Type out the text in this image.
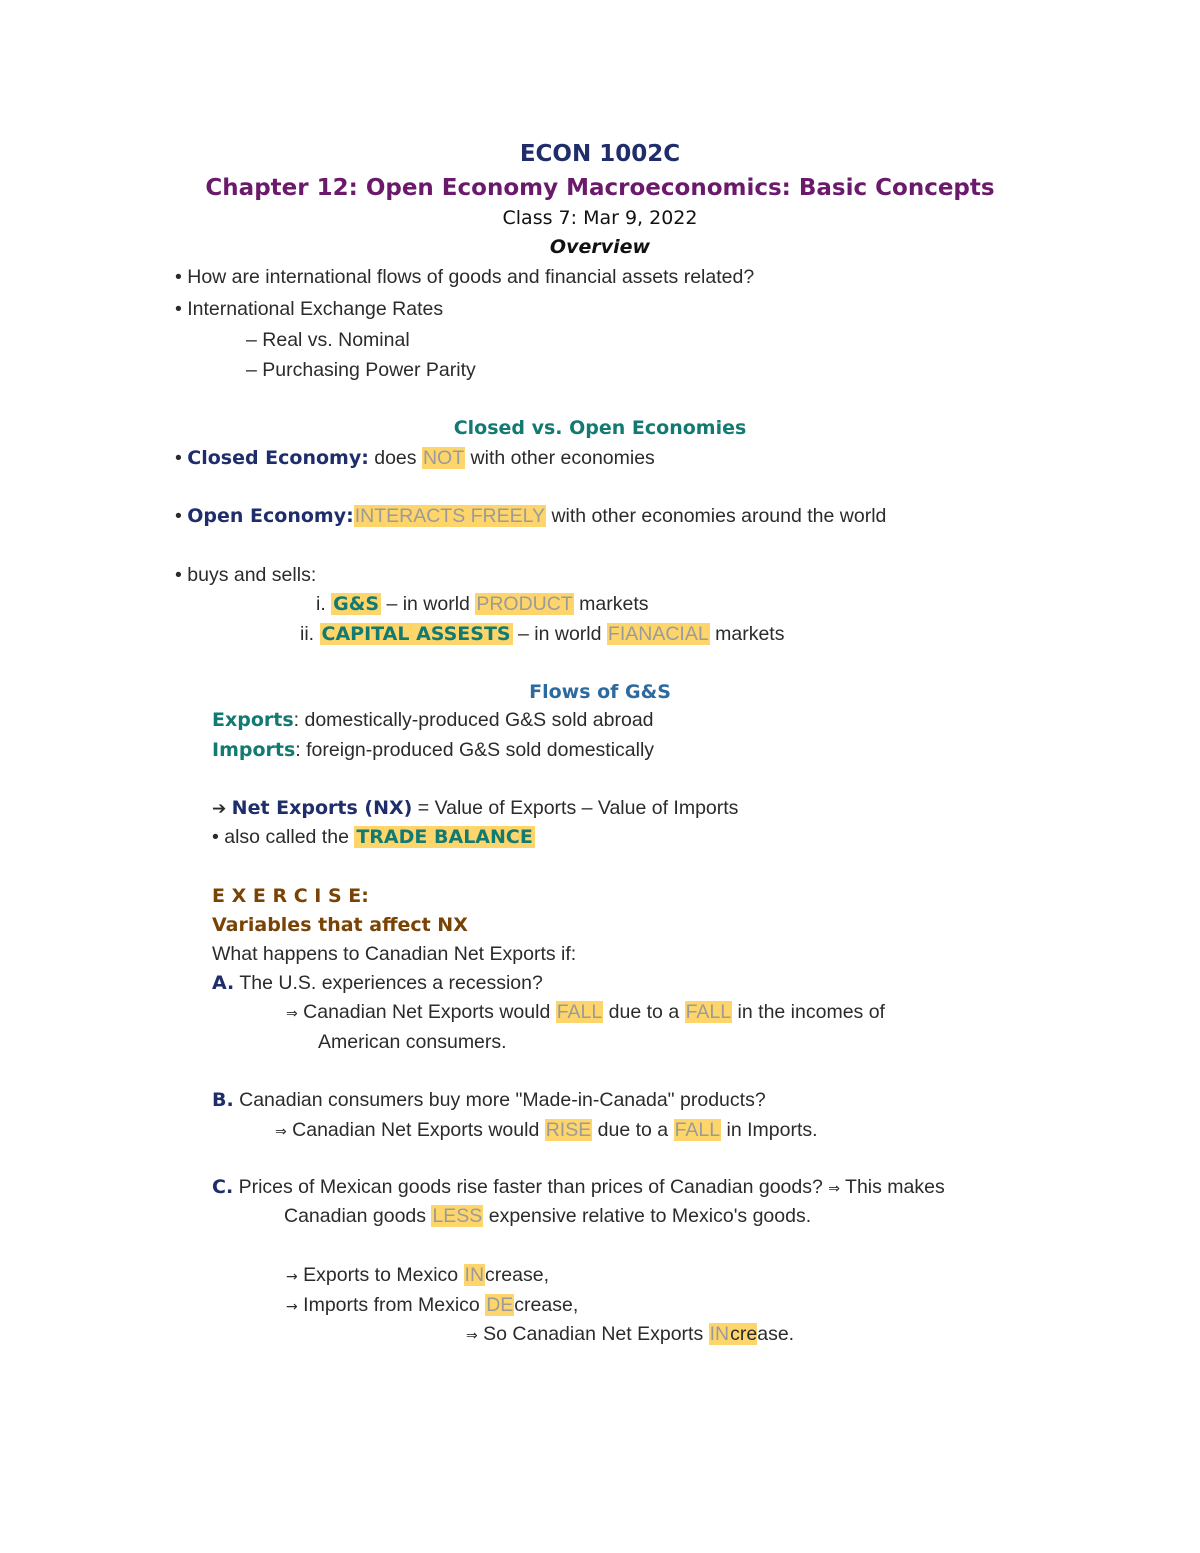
ECON 1002C
Chapter 12: Open Economy Macroeconomics: Basic Concepts
Class 7: Mar 9, 2022
Overview
• How are international flows of goods and financial assets related?
• International Exchange Rates
– Real vs. Nominal
– Purchasing Power Parity
Closed vs. Open Economies
• Closed Economy: does NOT with other economies
• Open Economy:INTERACTS FREELY with other economies around the world
• buys and sells:
i. G&S – in world PRODUCT markets
ii. CAPITAL ASSESTS – in world FIANACIAL markets
Flows of G&S
Exports: domestically-produced G&S sold abroad
Imports: foreign-produced G&S sold domestically
➔ Net Exports (NX) = Value of Exports – Value of Imports
• also called the TRADE BALANCE
E X E R C I S E:
Variables that affect NX
What happens to Canadian Net Exports if:
A. The U.S. experiences a recession?
⇒ Canadian Net Exports would FALL due to a FALL in the incomes of
American consumers.
B. Canadian consumers buy more "Made-in-Canada" products?
⇒ Canadian Net Exports would RISE due to a FALL in Imports.
C. Prices of Mexican goods rise faster than prices of Canadian goods? ⇒ This makes
Canadian goods LESS expensive relative to Mexico's goods.
→ Exports to Mexico INcrease,
→ Imports from Mexico DEcrease,
⇒ So Canadian Net Exports INcrease.
